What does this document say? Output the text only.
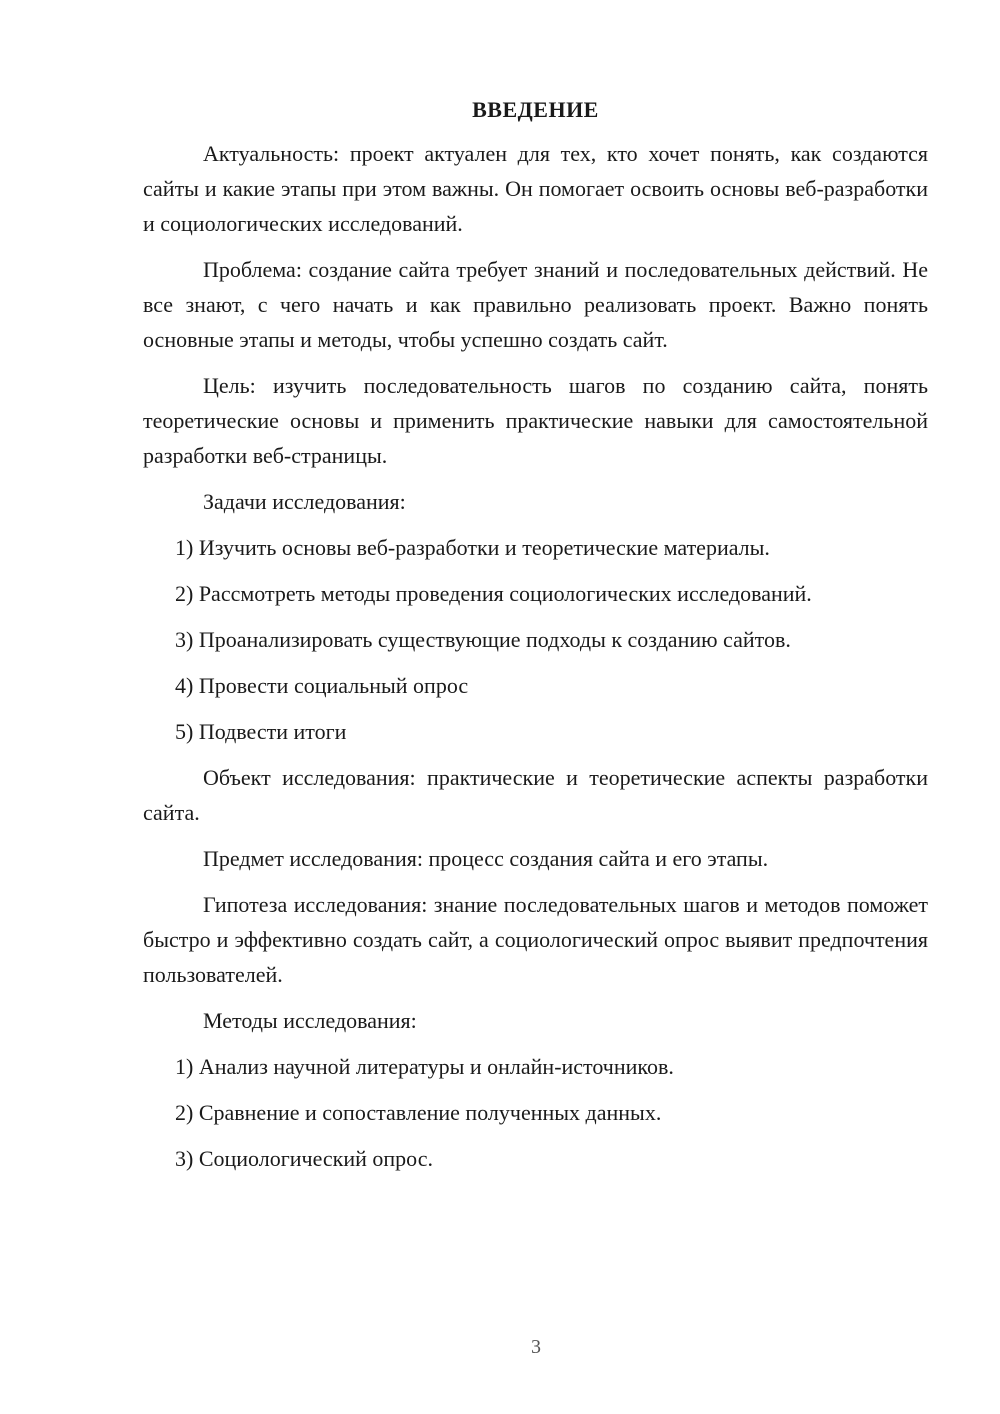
ВВЕДЕНИЕ

Актуальность: проект актуален для тех, кто хочет понять, как создаются сайты и какие этапы при этом важны. Он помогает освоить основы веб-разработки и социологических исследований.

Проблема: создание сайта требует знаний и последовательных действий. Не все знают, с чего начать и как правильно реализовать проект. Важно понять основные этапы и методы, чтобы успешно создать сайт.

Цель: изучить последовательность шагов по созданию сайта, понять теоретические основы и применить практические навыки для самостоятельной разработки веб-страницы.

Задачи исследования:

1) Изучить основы веб-разработки и теоретические материалы.

2) Рассмотреть методы проведения социологических исследований.

3) Проанализировать существующие подходы к созданию сайтов.

4) Провести социальный опрос

5) Подвести итоги

Объект исследования: практические и теоретические аспекты разработки сайта.

Предмет исследования: процесс создания сайта и его этапы.

Гипотеза исследования: знание последовательных шагов и методов поможет быстро и эффективно создать сайт, а социологический опрос выявит предпочтения пользователей.

Методы исследования:

1) Анализ научной литературы и онлайн-источников.

2) Сравнение и сопоставление полученных данных.

3) Социологический опрос.

3
